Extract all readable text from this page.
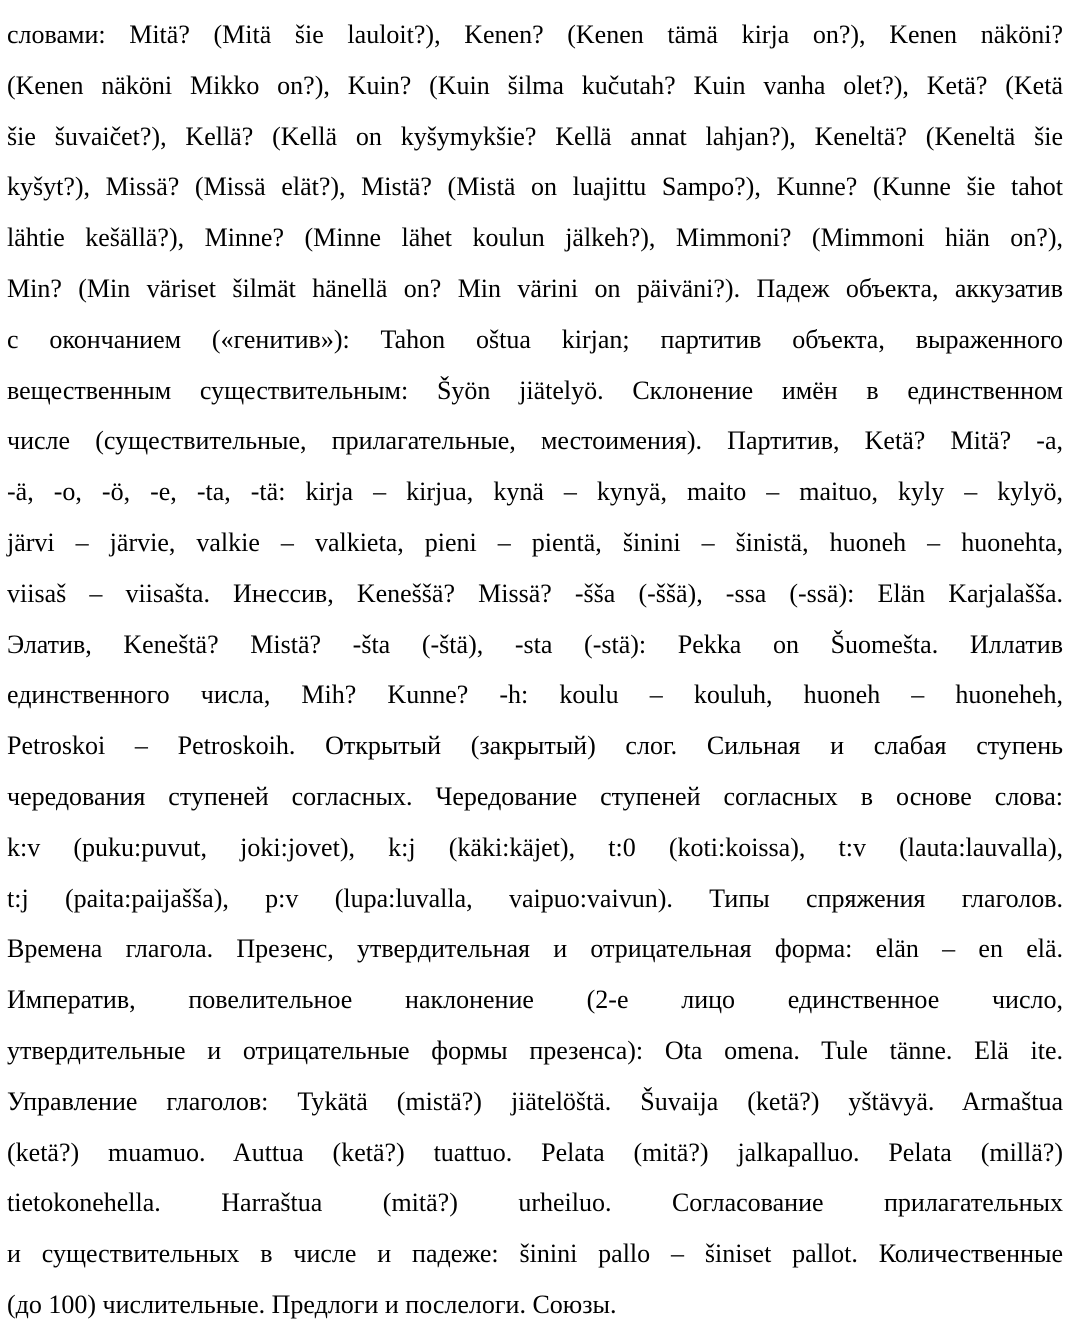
словами: Mitä? (Mitä šie lauloit?), Kenen? (Kenen tämä kirja on?), Kenen näköni?
(Kenen näköni Mikko on?), Kuin? (Kuin šilma kučutah? Kuin vanha olet?), Ketä? (Ketä
šie šuvaičet?), Kellä? (Kellä on kyšymykšie? Kellä annat lahjan?), Keneltä? (Keneltä šie
kyšyt?), Missä? (Missä elät?), Mistä? (Mistä on luajittu Sampo?), Kunne? (Kunne šie tahot
lähtie kešällä?), Minne? (Minne lähet koulun jälkeh?), Mimmoni? (Mimmoni hiän on?),
Min? (Min väriset šilmät hänellä on? Min värini on päiväni?). Падеж объекта, аккузатив
с окончанием («генитив»): Tahon oštua kirjan; партитив объекта, выраженного
вещественным существительным: Šyön jiätelyö. Склонение имён в единственном
числе (существительные, прилагательные, местоимения). Партитив, Ketä? Mitä? -a,
-ä, -o, -ö, -e, -ta, -tä: kirja – kirjua, kynä – kynyä, maito – maituo, kyly – kylyö,
järvi – järvie, valkie – valkieta, pieni – pientä, šinini – šinistä, huoneh – huonehta,
viisaš – viisašta. Инессив, Keneššä? Missä? -šša (-ššä), -ssa (-ssä): Elän Karjalašša.
Элатив, Keneštä? Mistä? -šta (-štä), -sta (-stä): Pekka on Šuomešta. Иллатив
единственного числа, Mih? Kunne? -h: koulu – kouluh, huoneh – huoneheh,
Petroskoi – Petroskoih. Открытый (закрытый) слог. Сильная и слабая ступень
чередования ступеней согласных. Чередование ступеней согласных в основе слова:
k:v (puku:puvut, joki:jovet), k:j (käki:käjet), t:0 (koti:koissa), t:v (lauta:lauvalla),
t:j (paita:paijašša), p:v (lupa:luvalla, vaipuo:vaivun). Типы спряжения глаголов.
Времена глагола. Презенс, утвердительная и отрицательная форма: elän – en elä.
Императив, повелительное наклонение (2-е лицо единственное число,
утвердительные и отрицательные формы презенса): Ota omena. Tule tänne. Elä ite.
Управление глаголов: Tykätä (mistä?) jiätelöštä. Šuvaija (ketä?) yštävyä. Armaštua
(ketä?) muamuo. Auttua (ketä?) tuattuo. Pelata (mitä?) jalkapalluo. Pelata (millä?)
tietokonehella. Harraštua (mitä?) urheiluo. Согласование прилагательных
и существительных в числе и падеже: šinini pallo – šiniset pallot. Количественные
(до 100) числительные. Предлоги и послелоги. Союзы.
